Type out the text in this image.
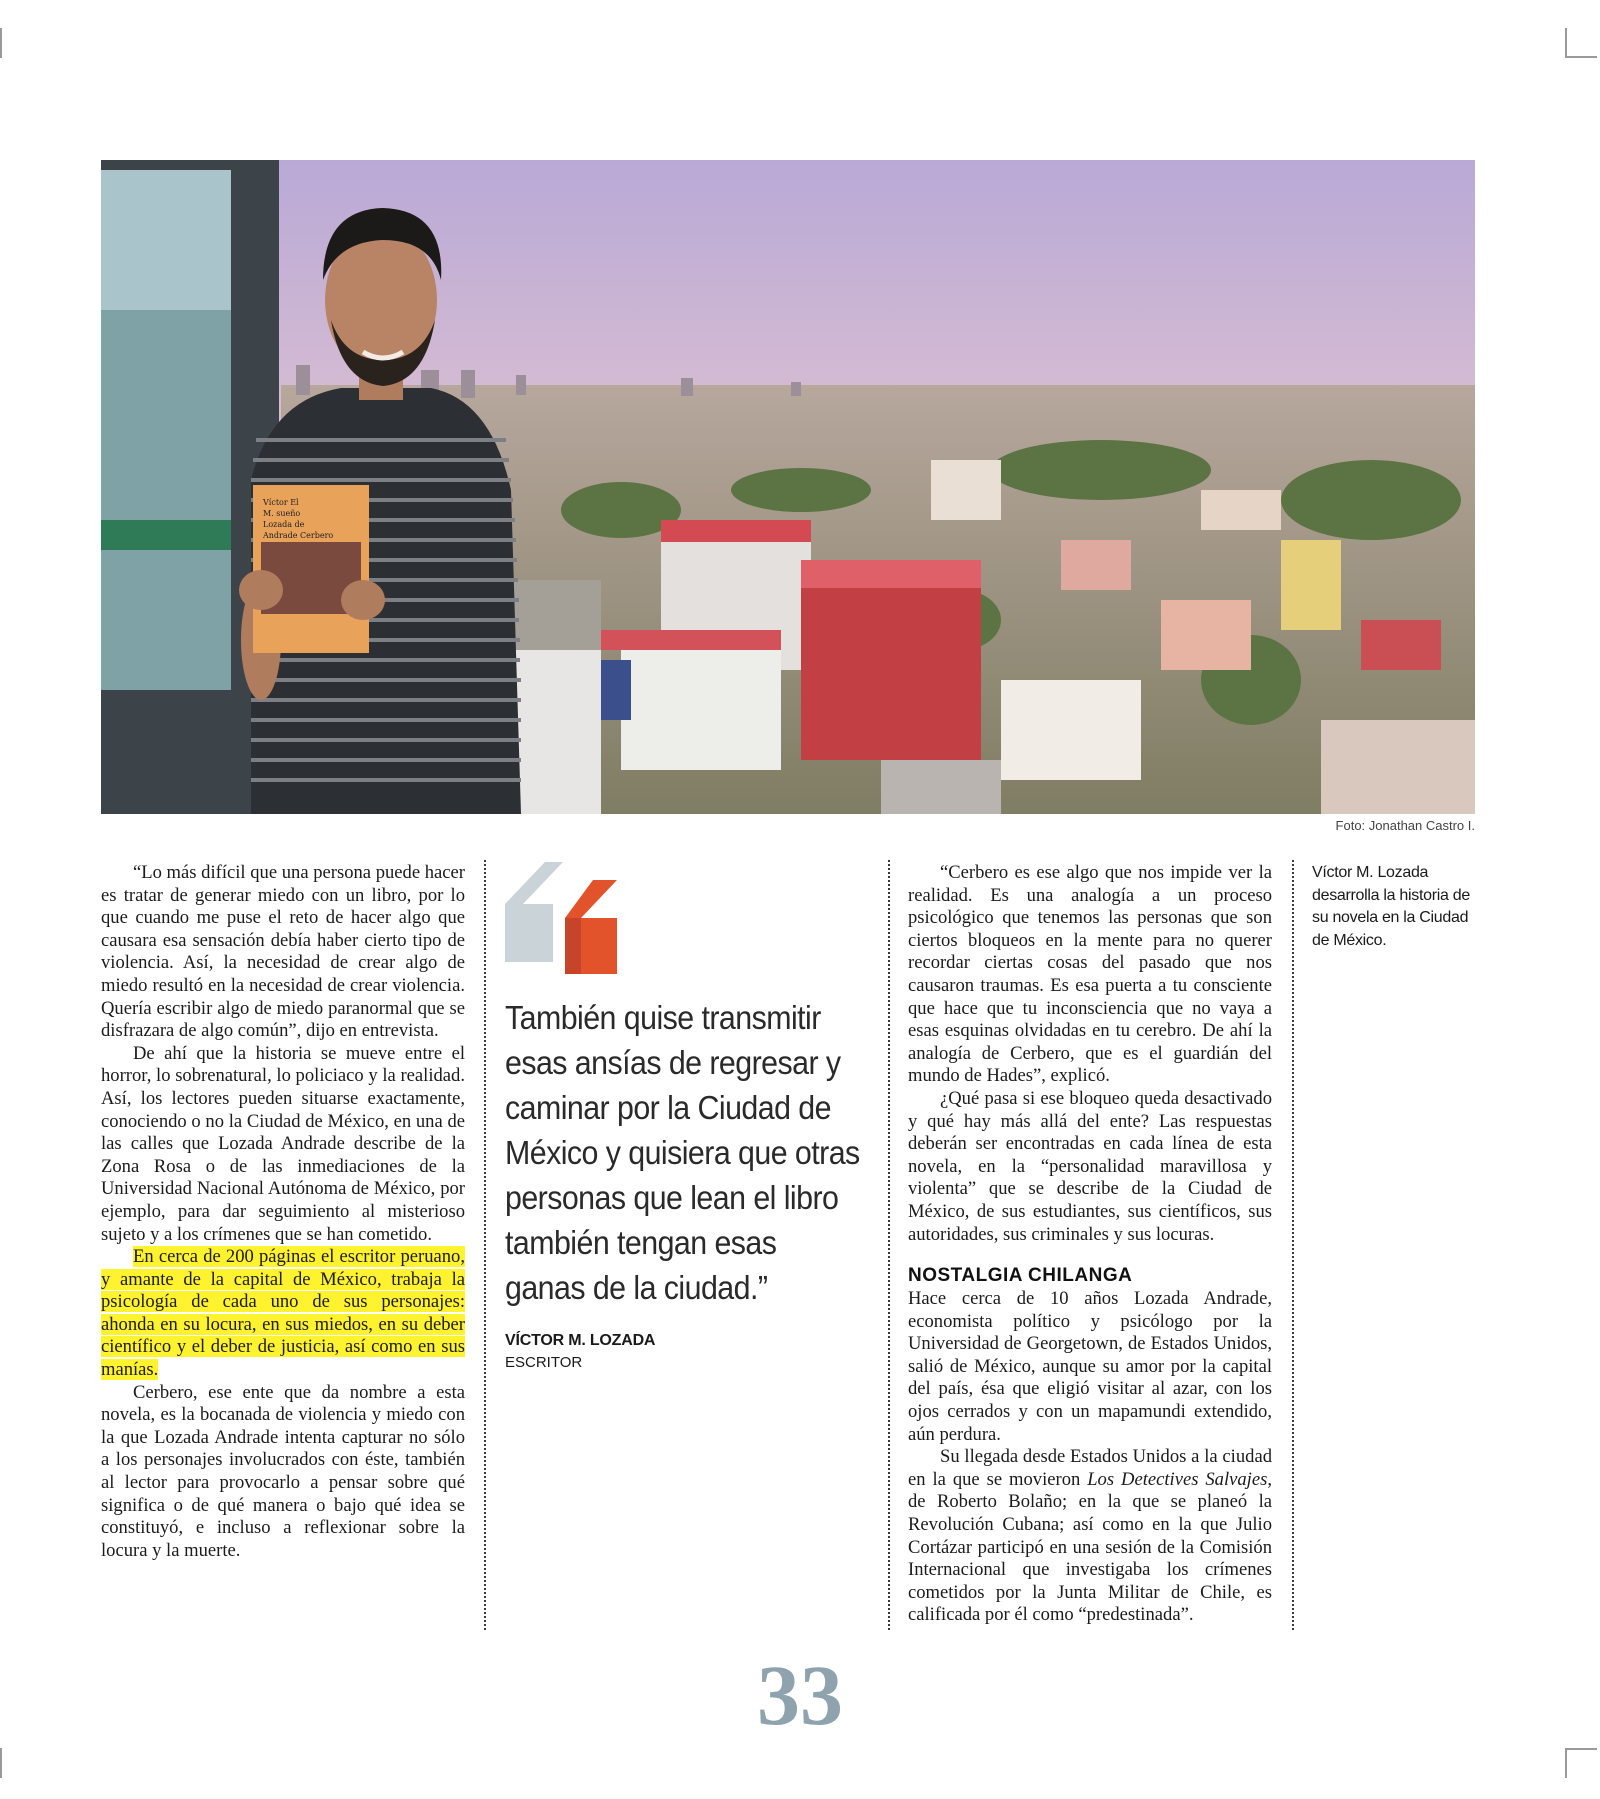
Víctor El
M. sueño
Lozada de
Andrade Cerbero
Foto: Jonathan Castro I.

“Lo más difícil que una persona puede hacer es tratar de generar miedo con un libro, por lo que cuando me puse el reto de hacer algo que causara esa sensación debía haber cierto tipo de violencia. Así, la necesidad de crear algo de miedo resultó en la necesidad de crear violencia. Quería escribir algo de miedo paranormal que se disfrazara de algo común”, dijo en entrevista.

De ahí que la historia se mueve entre el horror, lo sobrenatural, lo policiaco y la realidad. Así, los lectores pueden situarse exactamente, conociendo o no la Ciudad de México, en una de las calles que Lozada Andrade describe de la Zona Rosa o de las inmediaciones de la Universidad Nacional Autónoma de México, por ejemplo, para dar seguimiento al misterioso sujeto y a los crímenes que se han cometido.

En cerca de 200 páginas el escritor peruano, y amante de la capital de México, trabaja la psicología de cada uno de sus personajes: ahonda en su locura, en sus miedos, en su deber científico y el deber de justicia, así como en sus manías.

Cerbero, ese ente que da nombre a esta novela, es la bocanada de violencia y miedo con la que Lozada Andrade intenta capturar no sólo a los personajes involucrados con éste, también al lector para provocarlo a pensar sobre qué significa o de qué manera o bajo qué idea se constituyó, e incluso a reflexionar sobre la locura y la muerte.

También quise transmitir esas ansías de regresar y caminar por la Ciudad de México y quisiera que otras personas que lean el libro también tengan esas ganas de la ciudad.”

VÍCTOR M. LOZADA
ESCRITOR

“Cerbero es ese algo que nos impide ver la realidad. Es una analogía a un proceso psicológico que tenemos las personas que son ciertos bloqueos en la mente para no querer recordar ciertas cosas del pasado que nos causaron traumas. Es esa puerta a tu consciente que hace que tu inconsciencia que no vaya a esas esquinas olvidadas en tu cerebro. De ahí la analogía de Cerbero, que es el guardián del mundo de Hades”, explicó.

¿Qué pasa si ese bloqueo queda desactivado y qué hay más allá del ente? Las respuestas deberán ser encontradas en cada línea de esta novela, en la “personalidad maravillosa y violenta” que se describe de la Ciudad de México, de sus estudiantes, sus científicos, sus autoridades, sus criminales y sus locuras.

NOSTALGIA CHILANGA

Hace cerca de 10 años Lozada Andrade, economista político y psicólogo por la Universidad de Georgetown, de Estados Unidos, salió de México, aunque su amor por la capital del país, ésa que eligió visitar al azar, con los ojos cerrados y con un mapamundi extendido, aún perdura.

Su llegada desde Estados Unidos a la ciudad en la que se movieron Los Detectives Salvajes, de Roberto Bolaño; en la que se planeó la Revolución Cubana; así como en la que Julio Cortázar participó en una sesión de la Comisión Internacional que investigaba los crímenes cometidos por la Junta Militar de Chile, es calificada por él como “predestinada”.

Víctor M. Lozada desarrolla la historia de su novela en la Ciudad de México.
33
